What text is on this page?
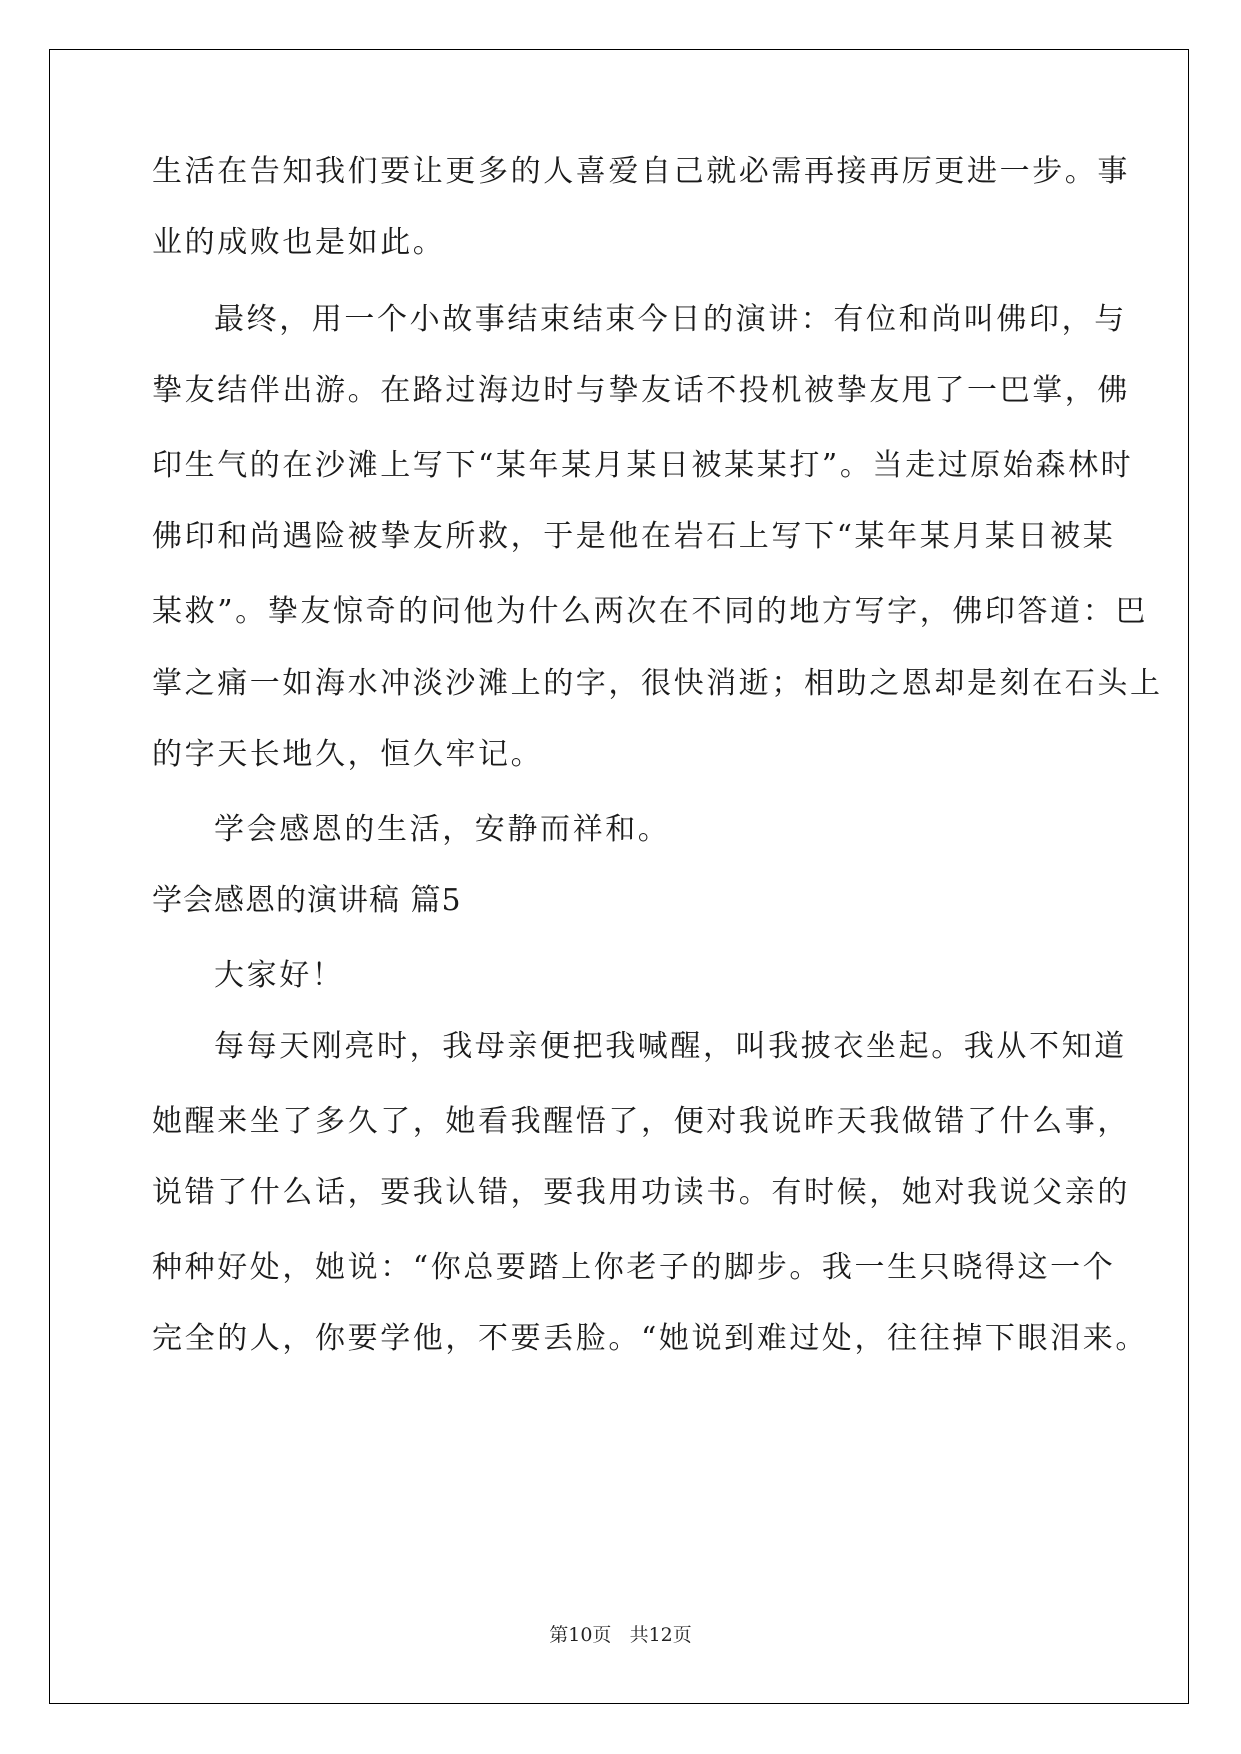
生活在告知我们要让更多的人喜爱自己就必需再接再厉更进一步。事
业的成败也是如此。
最终，用一个小故事结束结束今日的演讲：有位和尚叫佛印，与
挚友结伴出游。在路过海边时与挚友话不投机被挚友甩了一巴掌，佛
印生气的在沙滩上写下“某年某月某日被某某打”。当走过原始森林时
佛印和尚遇险被挚友所救，于是他在岩石上写下“某年某月某日被某
某救”。挚友惊奇的问他为什么两次在不同的地方写字，佛印答道：巴
掌之痛一如海水冲淡沙滩上的字，很快消逝；相助之恩却是刻在石头上
的字天长地久，恒久牢记。
学会感恩的生活，安静而祥和。
学会感恩的演讲稿 篇5
大家好！
每每天刚亮时，我母亲便把我喊醒，叫我披衣坐起。我从不知道
她醒来坐了多久了，她看我醒悟了，便对我说昨天我做错了什么事，
说错了什么话，要我认错，要我用功读书。有时候，她对我说父亲的
种种好处，她说：“你总要踏上你老子的脚步。我一生只晓得这一个
完全的人，你要学他，不要丢脸。“她说到难过处，往往掉下眼泪来。
第10页 共12页
